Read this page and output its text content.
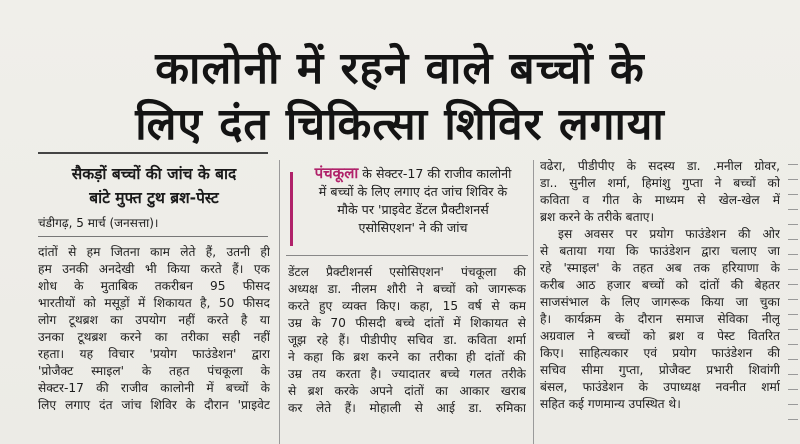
कालोनी में रहने वाले बच्चों के
लिए दंत चिकित्सा शिविर लगाया
सैकड़ों बच्चों की जांच के बाद
बांटे मुफ्त टुथ ब्रश-पेस्ट
चंडीगढ़, 5 मार्च (जनसत्ता)।
दांतों से हम जितना काम लेते हैं, उतनी ही
हम उनकी अनदेखी भी किया करते हैं। एक
शोध के मुताबिक तकरीबन 95 फीसद
भारतीयों को मसूड़ों में शिकायत है, 50 फीसद
लोग टूथब्रश का उपयोग नहीं करते है या
उनका टूथब्रश करने का तरीका सही नहीं
रहता। यह विचार 'प्रयोग फाउंडेशन' द्वारा
'प्रोजैक्ट स्माइल' के तहत पंचकूला के
सेक्टर-17 की राजीव कालोनी में बच्चों के
लिए लगाए दंत जांच शिविर के दौरान 'प्राइवेट
पंचकूला के सेक्टर-17 की राजीव कालोनी
में बच्चों के लिए लगाए दंत जांच शिविर के
मौके पर 'प्राइवेट डेंटल प्रैक्टीशनर्स
एसोसिएशन' ने की जांच
डेंटल प्रैक्टीशनर्स एसोसिएशन' पंचकूला की
अध्यक्ष डा. नीलम शौरी ने बच्चों को जागरूक
करते हुए व्यक्त किए। कहा, 15 वर्ष से कम
उम्र के 70 फीसदी बच्चे दांतों में शिकायत से
जूझ रहे हैं। पीडीपीए सचिव डा. कविता शर्मा
ने कहा कि ब्रश करने का तरीका ही दांतों की
उम्र तय करता है। ज्यादातर बच्चे गलत तरीके
से ब्रश करके अपने दांतों का आकार खराब
कर लेते हैं। मोहाली से आई डा. रुमिका
वढेरा, पीडीपीए के सदस्य डा. .मनील ग्रोवर,
डा.. सुनील शर्मा, हिमांशु गुप्ता ने बच्चों को
कविता व गीत के माध्यम से खेल-खेल में
ब्रश करने के तरीके बताए।
इस अवसर पर प्रयोग फाउंडेशन की ओर
से बताया गया कि फाउंडेशन द्वारा चलाए जा
रहे 'स्माइल' के तहत अब तक हरियाणा के
करीब आठ हजार बच्चों को दांतों की बेहतर
साजसंभाल के लिए जागरूक किया जा चुका
है। कार्यक्रम के दौरान समाज सेविका नीलू
अग्रवाल ने बच्चों को ब्रश व पेस्ट वितरित
किए। साहित्यकार एवं प्रयोग फाउंडेशन की
सचिव सीमा गुप्ता, प्रोजैक्ट प्रभारी शिवांगी
बंसल, फाउंडेशन के उपाध्यक्ष नवनीत शर्मा
सहित कई गणमान्य उपस्थित थे।
